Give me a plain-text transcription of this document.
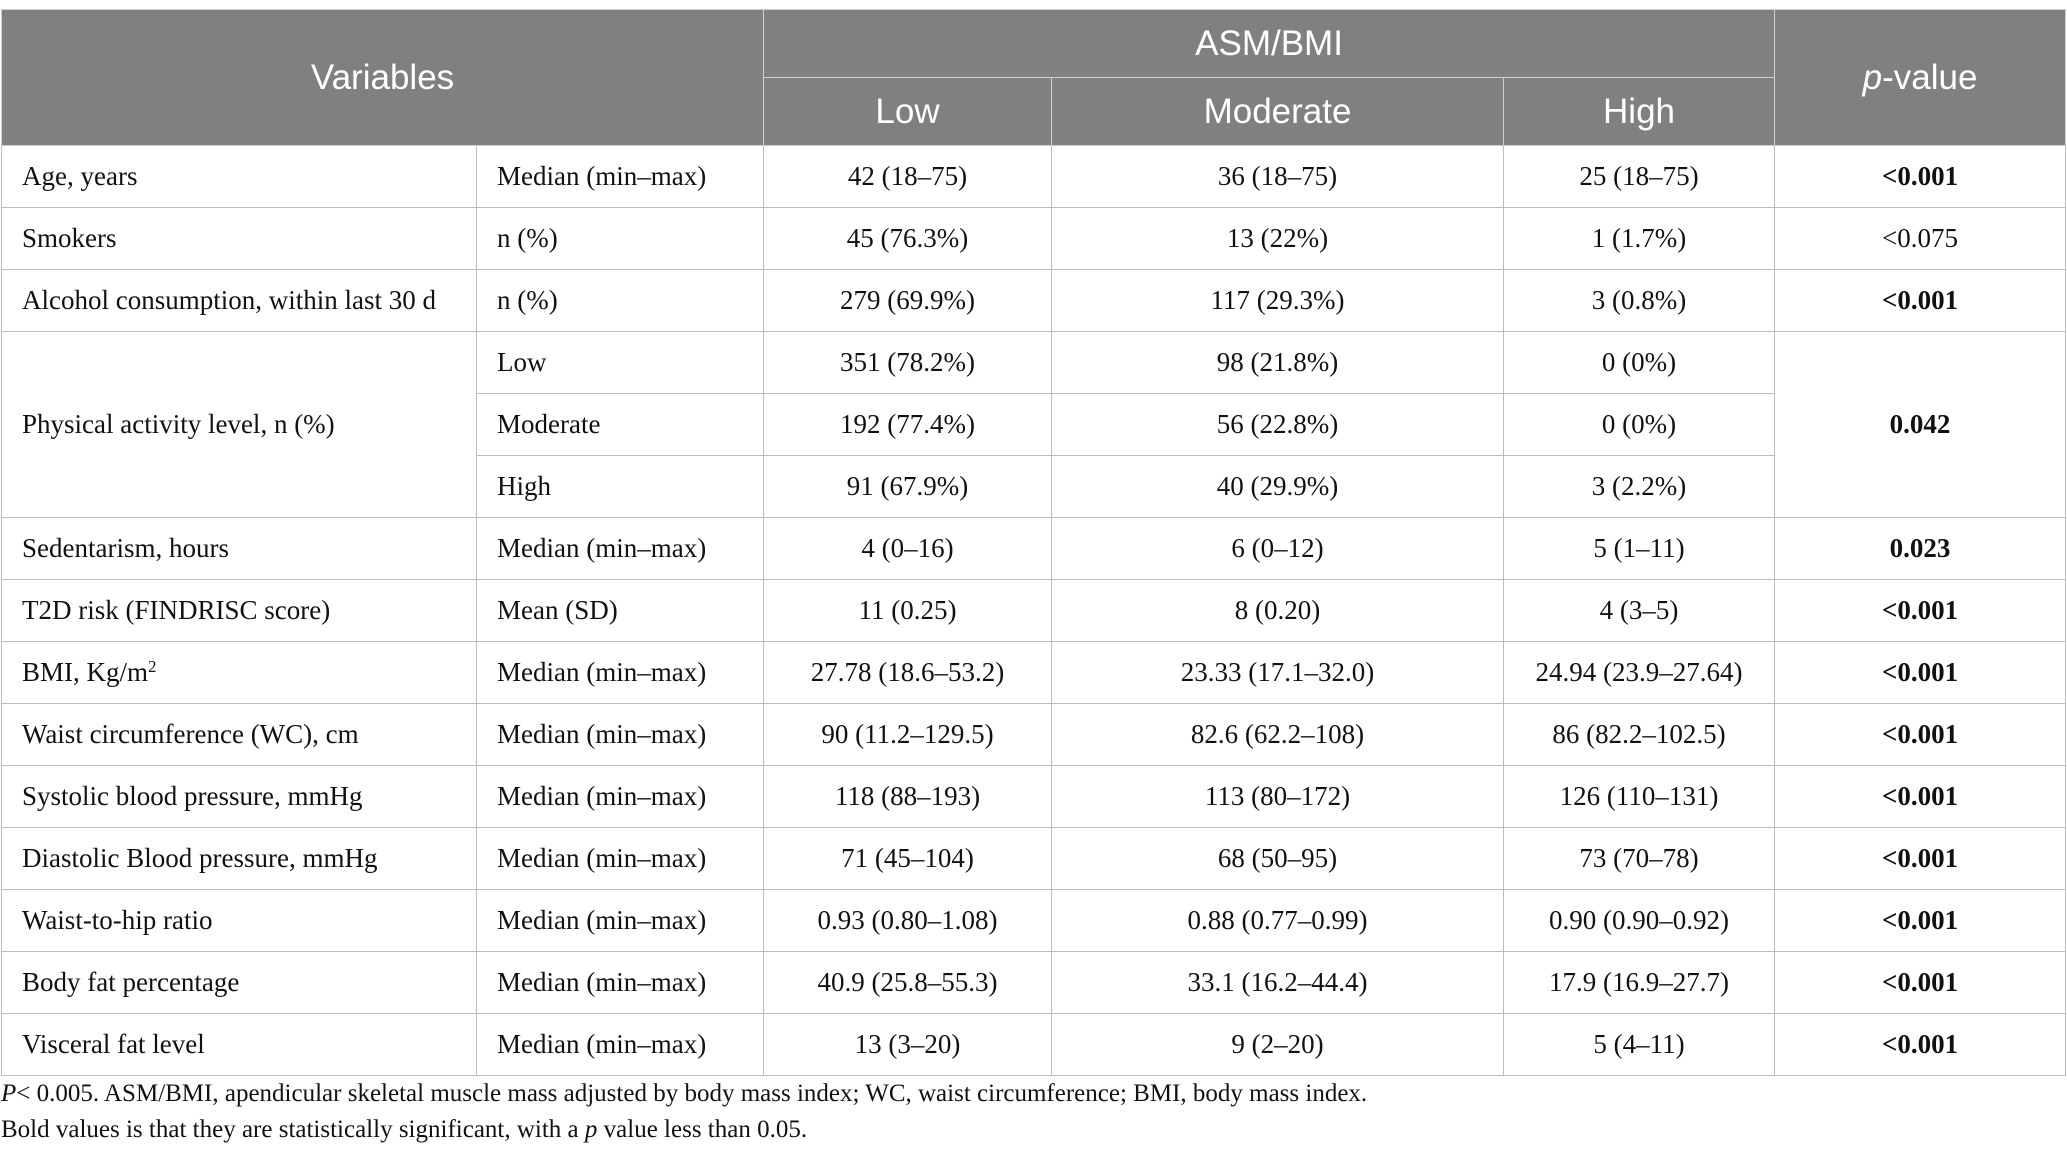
Variables		ASM/BMI			p-value
		Low	Moderate	High	
Age, years	Median (min–max)	42 (18–75)	36 (18–75)	25 (18–75)	<0.001
Smokers	n (%)	45 (76.3%)	13 (22%)	1 (1.7%)	<0.075
Alcohol consumption, within last 30 d	n (%)	279 (69.9%)	117 (29.3%)	3 (0.8%)	<0.001
Physical activity level, n (%)	Low	351 (78.2%)	98 (21.8%)	0 (0%)	0.042
	Moderate	192 (77.4%)	56 (22.8%)	0 (0%)	
	High	91 (67.9%)	40 (29.9%)	3 (2.2%)	
Sedentarism, hours	Median (min–max)	4 (0–16)	6 (0–12)	5 (1–11)	0.023
T2D risk (FINDRISC score)	Mean (SD)	11 (0.25)	8 (0.20)	4 (3–5)	<0.001
BMI, $Kg/m^2$	Median (min–max)	27.78 (18.6–53.2)	23.33 (17.1–32.0)	24.94 (23.9–27.64)	<0.001
Waist circumference (WC), cm	Median (min–max)	90 (11.2–129.5)	82.6 (62.2–108)	86 (82.2–102.5)	<0.001
Systolic blood pressure, mmHg	Median (min–max)	118 (88–193)	113 (80–172)	126 (110–131)	<0.001
Diastolic Blood pressure, mmHg	Median (min–max)	71 (45–104)	68 (50–95)	73 (70–78)	<0.001
Waist-to-hip ratio	Median (min–max)	0.93 (0.80–1.08)	0.88 (0.77–0.99)	0.90 (0.90–0.92)	<0.001
Body fat percentage	Median (min–max)	40.9 (25.8–55.3)	33.1 (16.2–44.4)	17.9 (16.9–27.7)	<0.001
Visceral fat level	Median (min–max)	13 (3–20)	9 (2–20)	5 (4–11)	<0.001
P< 0.005. ASM/BMI, apendicular skeletal muscle mass adjusted by body mass index; WC, waist circumference; BMI, body mass index.
Bold values is that they are statistically significant, with a p value less than 0.05.
